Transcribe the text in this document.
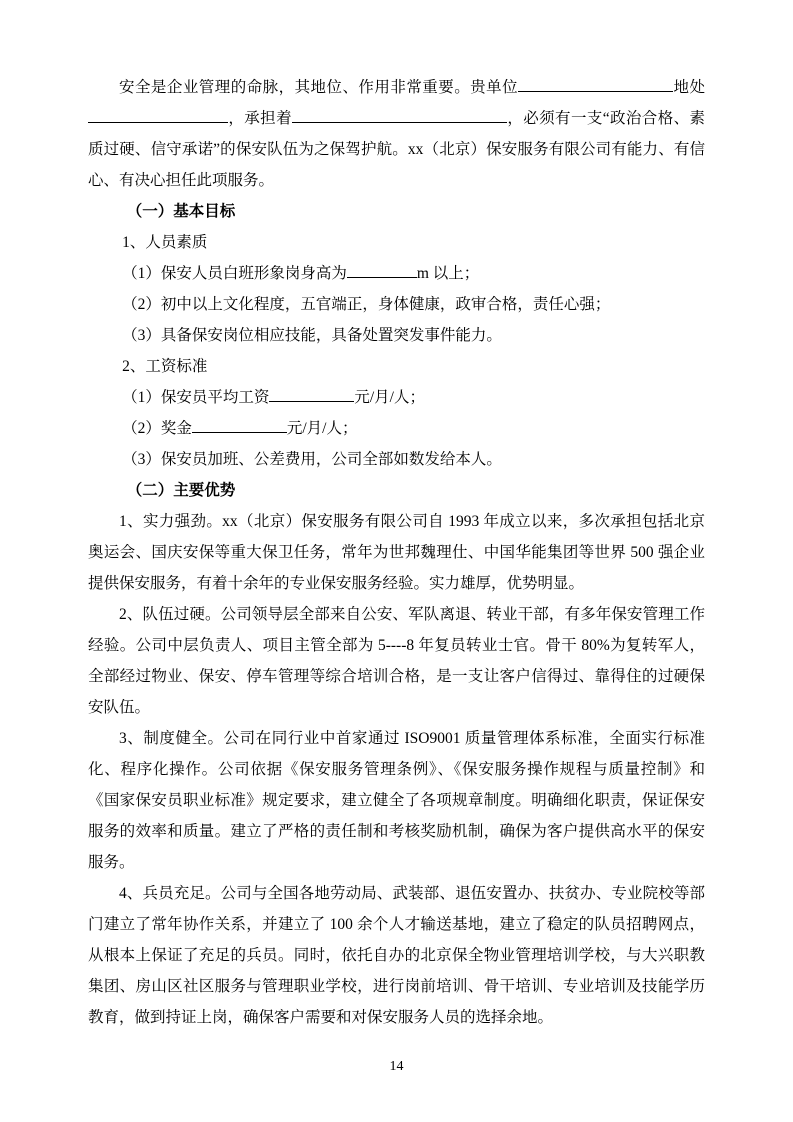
安全是企业管理的命脉，其地位、作用非常重要。贵单位	地处，承担着	，必须有一支“政治合格、素质过硬、信守承诺”的保安队伍为之保驾护航。xx（北京）保安服务有限公司有能力、有信心、有决心担任此项服务。

（一）基本目标

1、人员素质

（1）保安人员白班形象岗身高为	m 以上；

（2）初中以上文化程度，五官端正，身体健康，政审合格，责任心强；

（3）具备保安岗位相应技能，具备处置突发事件能力。

2、工资标准

（1）保安员平均工资	元/月/人；

（2）奖金	元/月/人；

（3）保安员加班、公差费用，公司全部如数发给本人。

（二）主要优势

1、实力强劲。xx（北京）保安服务有限公司自 1993 年成立以来，多次承担包括北京奥运会、国庆安保等重大保卫任务，常年为世邦魏理仕、中国华能集团等世界 500 强企业提供保安服务，有着十余年的专业保安服务经验。实力雄厚，优势明显。

2、队伍过硬。公司领导层全部来自公安、军队离退、转业干部，有多年保安管理工作经验。公司中层负责人、项目主管全部为 5----8 年复员转业士官。骨干 80%为复转军人，全部经过物业、保安、停车管理等综合培训合格，是一支让客户信得过、靠得住的过硬保安队伍。

3、制度健全。公司在同行业中首家通过 ISO9001 质量管理体系标准，全面实行标准化、程序化操作。公司依据《保安服务管理条例》、《保安服务操作规程与质量控制》和《国家保安员职业标准》规定要求，建立健全了各项规章制度。明确细化职责，保证保安服务的效率和质量。建立了严格的责任制和考核奖励机制，确保为客户提供高水平的保安服务。

4、兵员充足。公司与全国各地劳动局、武装部、退伍安置办、扶贫办、专业院校等部门建立了常年协作关系，并建立了 100 余个人才输送基地，建立了稳定的队员招聘网点，从根本上保证了充足的兵员。同时，依托自办的北京保全物业管理培训学校，与大兴职教集团、房山区社区服务与管理职业学校，进行岗前培训、骨干培训、专业培训及技能学历教育，做到持证上岗，确保客户需要和对保安服务人员的选择余地。

14
